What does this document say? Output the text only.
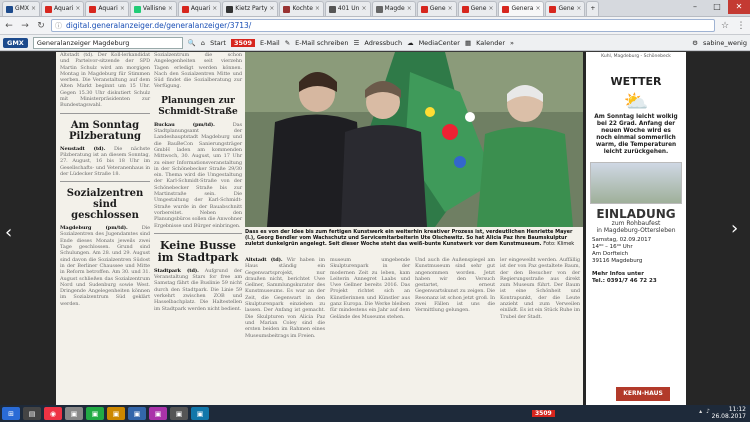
GMX ×	Aquari ×	Aquari ×	Vallisne ×	Aquari ×	Kietz Party ×	Kochte ×	401 Un ×	Magde ×	Gene ×	Gene ×	Genera ×	Gene ×	+	–	□	✕
← → ↻	ⓘ digital.generalanzeiger.de/generalanzeiger/3713/	☆ ⋮
GMX	Generalanzeiger Magdeburg	🔍 ⌂ Start	3509	E-Mail ✎ E-Mail schreiben ☰ Adressbuch ☁ MediaCenter ▦ Kalender »	⚙ sabine_wenig

Altstadt (td). Der Koll-lerkandidat und Parteivor-sitzende der SPD Martin Schulz wird am morgigen Montag in Magdeburg für Stimmen werben. Die Veranstaltung auf dem Alten Markt beginnt um 15 Uhr. Gegen 15.30 Uhr diskutiert Schulz mit Ministerpräsidenten zur Bundestagswahl.

Am Sonntag Pilzberatung

Neustadt (td). Die nächste Pilzberatung ist an diesem Sonntag, 27. August, 16 bis 18 Uhr im Gesellschafts- und Veteranenhaus in der Lüdecker Straße 18.

Sozialzentren sind geschlossen

Magdeburg (pm/td).	Die Sozialzentren des Jugendamtes sind Ende dieses Monats jeweils zwei Tage geschlossen. Grund sind Schulungen. Am 28. und 29. August sind davon die Sozialzentren Südost in der Berliner Chaussee und Mitte in Reform betroffen. Am 30. und 31. August schließen das Sozialzentrum Nord und Sudenburg sowie West. Dringende Angelegenheiten können im Sozialzentrum Süd geklärt werden.

Sozialzentrum die schon Angelegenheiten seit vierzehn Tagen erledigt werden können. Nach den Sozialzentren Mitte und Süd findet die Sozialberatung zur Verfügung.

Planungen zur Schmidt-Straße

Buckau (pm/td).	Das Stadtplanungsamt der Landeshauptstadt Magdeburg und die BauBeCon Sanierungsträger GmbH laden am kommenden Mittwoch, 30. August, um 17 Uhr zu einer Informationsveranstaltung in der Schönebecker Straße 29/30 ein. Thema wird die Umgestaltung der Karl-Schmidt-Straße von der Schönebecker Straße bis zur Martinstraße sein. Die Umgestaltung der Karl-Schmidt-Straße wurde in der Bauabschnitt vorbereitet. Neben den Planungsbüros sollen die Anwohner Ergebnisse und Bürger einbringen.

Keine Busse im Stadtpark

Stadtpark (td). Aufgrund der Veranstaltung Stars for free am Samstag fährt die Buslinie 59 nicht durch den Stadtpark. Die Linie 59 verkehrt zwischen ZOB und Hasselbachplatz. Die Haltestellen im Stadtpark werden nicht bedient.

Dass es von der Idee bis zum fertigen Kunstwerk ein weiterhin kreativer Prozess ist, verdeutlichen Henriette Mayer (l.), Georg Bendler vom Wachschutz und Servicemitarbeiterin Ute Olschewitz. So hat Alicia Paz ihre Baumskulptur zuletzt dunkelgrün angelegt. Seit dieser Woche steht das weiß-bunte Kunstwerk vor dem Kunstmuseum. Foto: Klimek

Altstadt (td). Wir haben im Haus ständig ein Gegenwartsprojekt, nur draußen nicht, berichtet Uwe Gellner, Sammlungskurator des Kunstmuseums. Es war an der Zeit, die Gegenwart in den Skulpturenpark einziehen zu lassen. Der Anfang ist gemacht. Die Skulpturen von Alicia Paz und Marian Coley sind die ersten beiden im Rahmen eines Museumsbeitrags im Freien.

museum umgebende Skulpturenpark in der modernen Zeit zu leben, kam Leiterin Annegret Laabs und Uwe Gellner bereits 2016. Das Projekt richtet sich an Künstlerinnen und Künstler aus ganz Europa. Die Werke bleiben für mindestens ein Jahr auf dem Gelände des Museums stehen.

Und auch die Außenspiegel am Kunstmuseum sind sehr gut angenommen worden. Jetzt haben wir den Versuch gestartet, erneut Gegenwartskunst zu zeigen. Die Resonanz ist schon jetzt groß. In zwei Fällen ist uns die Vermittlung gelungen.

ler eingeweiht werden. Auffällig ist der von Paz gestaltete Baum, der den Besucher von der Regierungsstraße aus direkt zum Museum führt. Der Baum ist eine Schönheit und Kontrapunkt, der die Leute anzieht und zum Verweilen einlädt. Es ist ein Stück Ruhe im Trubel der Stadt.

Kuhl, Magdeburg - Schönebeck
WETTER
⛅
Am Sonntag leicht wolkig bei 22 Grad. Anfang der neuen Woche wird es noch einmal sommerlich warm, die Temperaturen leicht zurückgehen.
EINLADUNG
zum Rohbaufest
in Magdeburg-Ottersleben
Samstag, 02.09.2017
14⁰⁰ – 16⁰⁰ Uhr
Am Dorfteich
39116 Magdeburg
Mehr Infos unter
Tel.: 0391/7 46 72 23
KERN-HAUS
‹	›
⊞	▤	◉	▣	▣	▣	▣	▣	▣	▣	3509	▴ ♪	11:12
26.08.2017
